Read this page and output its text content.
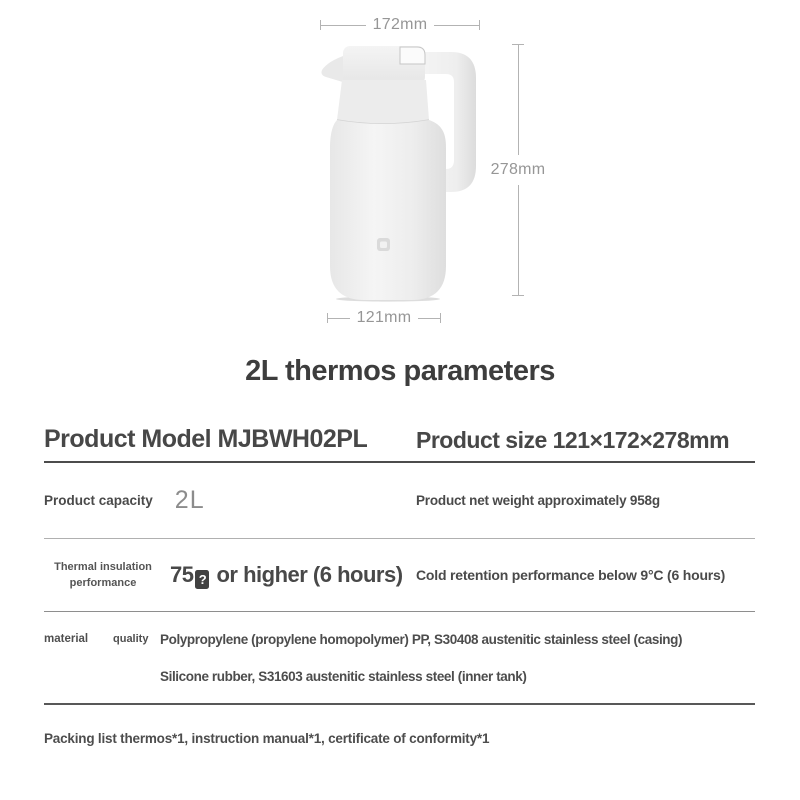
172mm
278mm
121mm
2L thermos parameters
Product Model MJBWH02PL Product size 121×172×278mm
Product capacity 2L	Product net weight approximately 958g
Thermal insulation
performance	75 ? or higher (6 hours) Cold retention performance below 9°C (6 hours)
material	quality Polypropylene (propylene homopolymer) PP, S30408 austenitic stainless steel (casing)
Silicone rubber, S31603 austenitic stainless steel (inner tank)
Packing list thermos*1, instruction manual*1, certificate of conformity*1
